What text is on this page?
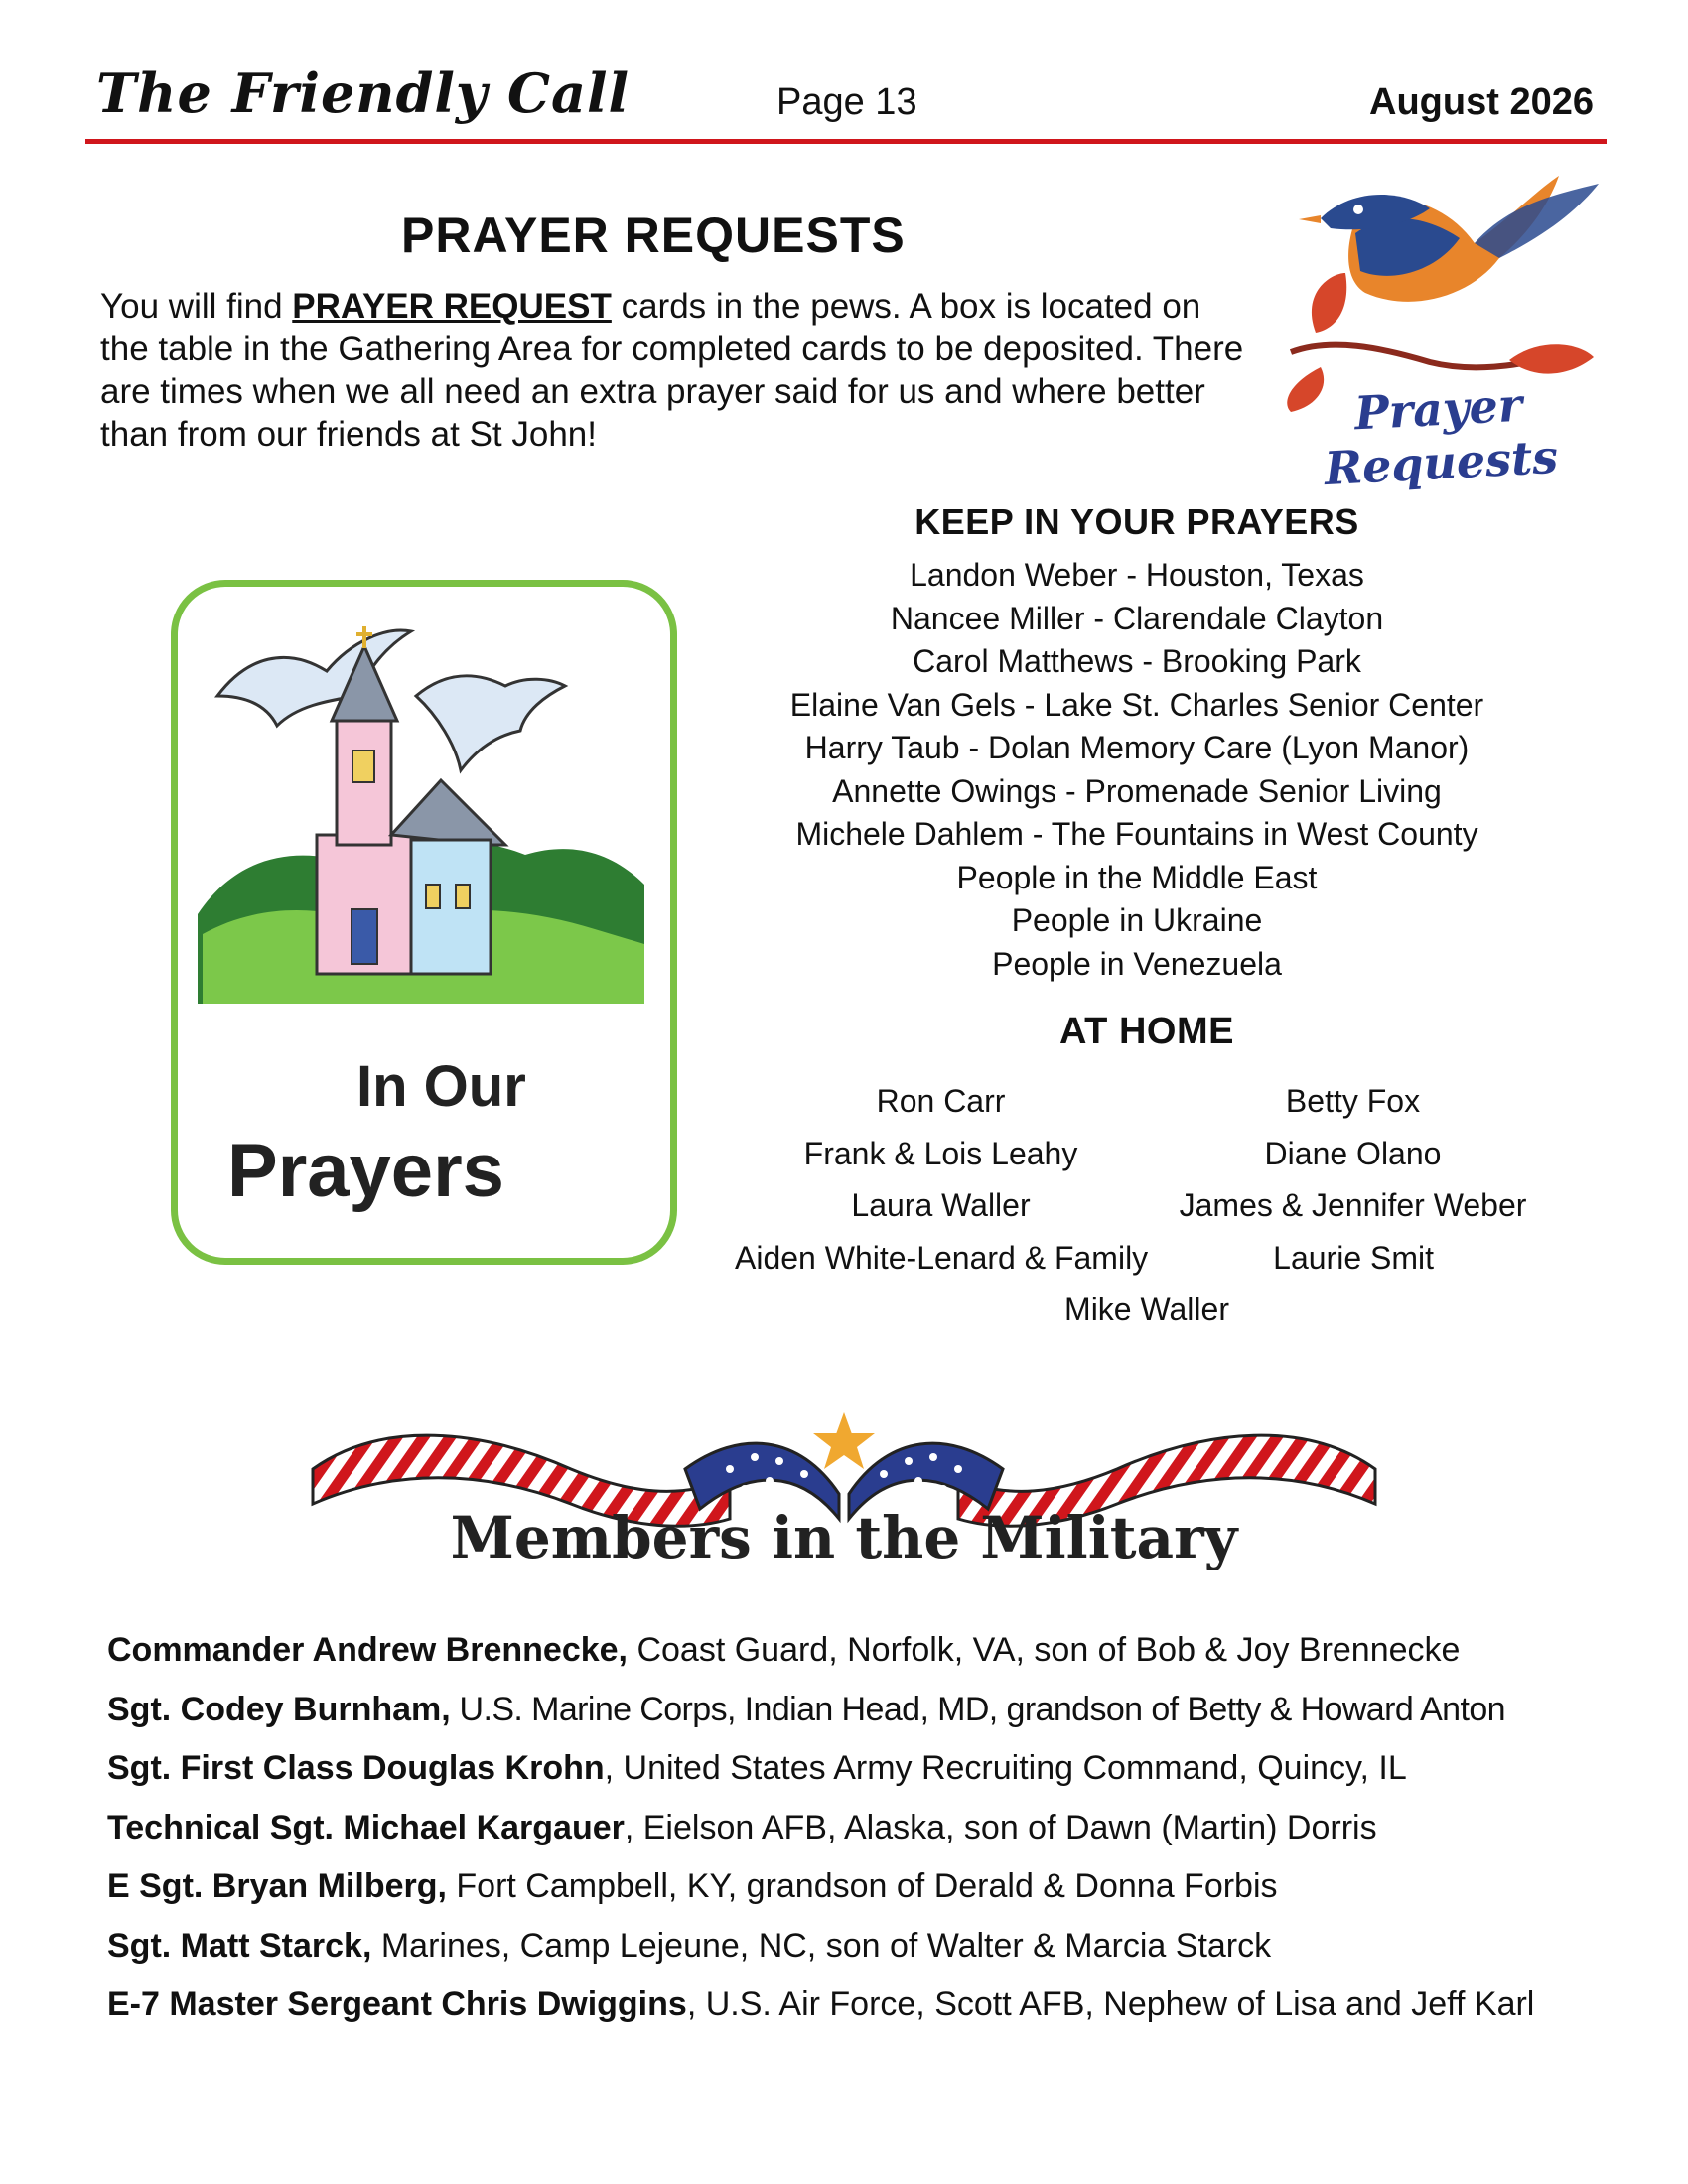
The Friendly Call	Page 13	August 2026
PRAYER REQUESTS
You will find PRAYER REQUEST cards in the pews. A box is located on the table in the Gathering Area for completed cards to be deposited. There are times when we all need an extra prayer said for us and where better than from our friends at St John!	Prayer Requests
In Our
Prayers
KEEP IN YOUR PRAYERS
Landon Weber - Houston, Texas
Nancee Miller - Clarendale Clayton
Carol Matthews - Brooking Park
Elaine Van Gels - Lake St. Charles Senior Center
Harry Taub - Dolan Memory Care (Lyon Manor)
Annette Owings - Promenade Senior Living
Michele Dahlem - The Fountains in West County
People in the Middle East
People in Ukraine
People in Venezuela
AT HOME
Ron Carr	Betty Fox
Frank & Lois Leahy	Diane Olano
Laura Waller	James & Jennifer Weber
Aiden White-Lenard & Family	Laurie Smit
Mike Waller
Members in the Military
Commander Andrew Brennecke, Coast Guard, Norfolk, VA, son of Bob & Joy Brennecke
Sgt. Codey Burnham, U.S. Marine Corps, Indian Head, MD, grandson of Betty & Howard Anton
Sgt. First Class Douglas Krohn, United States Army Recruiting Command, Quincy, IL
Technical Sgt. Michael Kargauer, Eielson AFB, Alaska, son of Dawn (Martin) Dorris
E Sgt. Bryan Milberg, Fort Campbell, KY, grandson of Derald & Donna Forbis
Sgt. Matt Starck, Marines, Camp Lejeune, NC, son of Walter & Marcia Starck
E-7 Master Sergeant Chris Dwiggins, U.S. Air Force, Scott AFB, Nephew of Lisa and Jeff Karl
